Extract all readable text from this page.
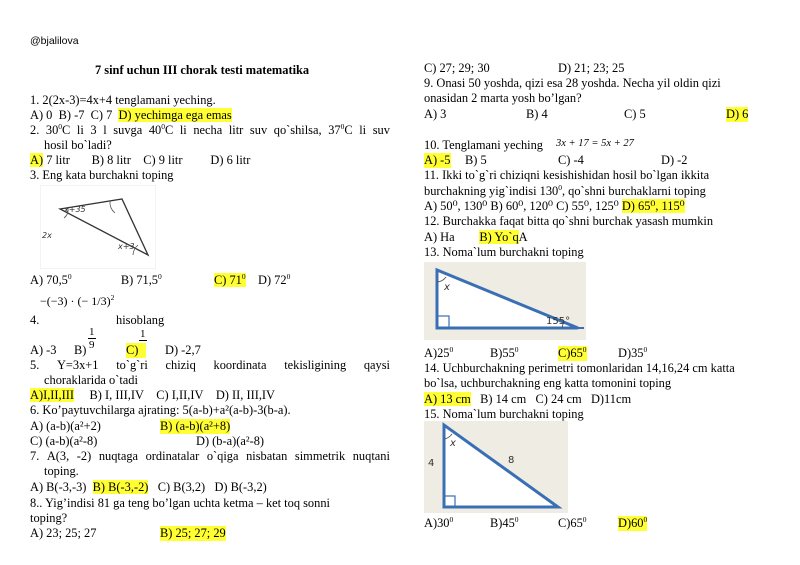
@bjalilova
7 sinf uchun III chorak testi matematika
1. 2(2x-3)=4x+4 tenglamani yeching.
A) 0 B) -7 C) 7 D) yechimga ega emas
2. $30^0C$ li 3 l suvga $40^0C$ li necha litr suv qo`shilsa, $37^0C$ li suv
hosil bo`ladi?
A) 7 litr B) 8 litr C) 9 litr D) 6 litr
3. Eng kata burchakni toping
x+35
2x
x+3
A) 70,5$^0$	B) 71,5$^0$	C) $71^0$ D) $72^0$
−(−3) · (− 1/3)$^2$
4.	hisoblang
1
9
1
A) -3 B)	C)	D) -2,7
5. Y=3x+1 to`g`ri chiziq koordinata tekisligining qaysi
choraklarida o`tadi
A)I,II,III B) I, III,IV C) I,II,IV D) II, III,IV
6. Ko’paytuvchilarga ajrating: 5(a-b)+a²(a-b)-3(b-a).
A) (a-b)(a²+2)	B) (a-b)(a²+8)
C) (a-b)(a²-8)	D) (b-a)(a²-8)
7. A(3, -2) nuqtaga ordinatalar o`qiga nisbatan simmetrik nuqtani
toping.
A) B(-3,-3) B) B(-3,-2) C) B(3,2) D) B(-3,2)
8.. Yig’indisi 81 ga teng bo’lgan uchta ketma – ket toq sonni
toping?
A) 23; 25; 27	B) 25; 27; 29
C) 27; 29; 30	D) 21; 23; 25
9. Onasi 50 yoshda, qizi esa 28 yoshda. Necha yil oldin qizi
onasidan 2 marta yosh bo’lgan?
A) 3	B) 4	C) 5	D) 6
10. Tenglamani yeching 3x + 17 = 5x + 27
A) -5 B) 5	C) -4	D) -2
11. Ikki to`g`ri chiziqni kesishishidan hosil bo`lgan ikkita
burchakning yig`indisi $130^0$, qo`shni burchaklarni toping
A) 50⁰, 130⁰ B) 60⁰, 120⁰ C) 55⁰, 125⁰ D) 65⁰, 115⁰
12. Burchakka faqat bitta qo`shni burchak yasash mumkin
A) Ha B) Yo`qA
13. Noma`lum burchakni toping
x
155°
$A)25^0$	$B)55^0$	$C)65^0$	$D)35^0$
14. Uchburchakning perimetri tomonlaridan 14,16,24 cm katta
bo`lsa, uchburchakning eng katta tomonini toping
A) 13 cm B) 14 cm C) 24 cm D)11cm
15. Noma`lum burchakni toping
x
4	8
$A)30^0$	$B)45^0$	$C)65^0$	$D)60^0$
